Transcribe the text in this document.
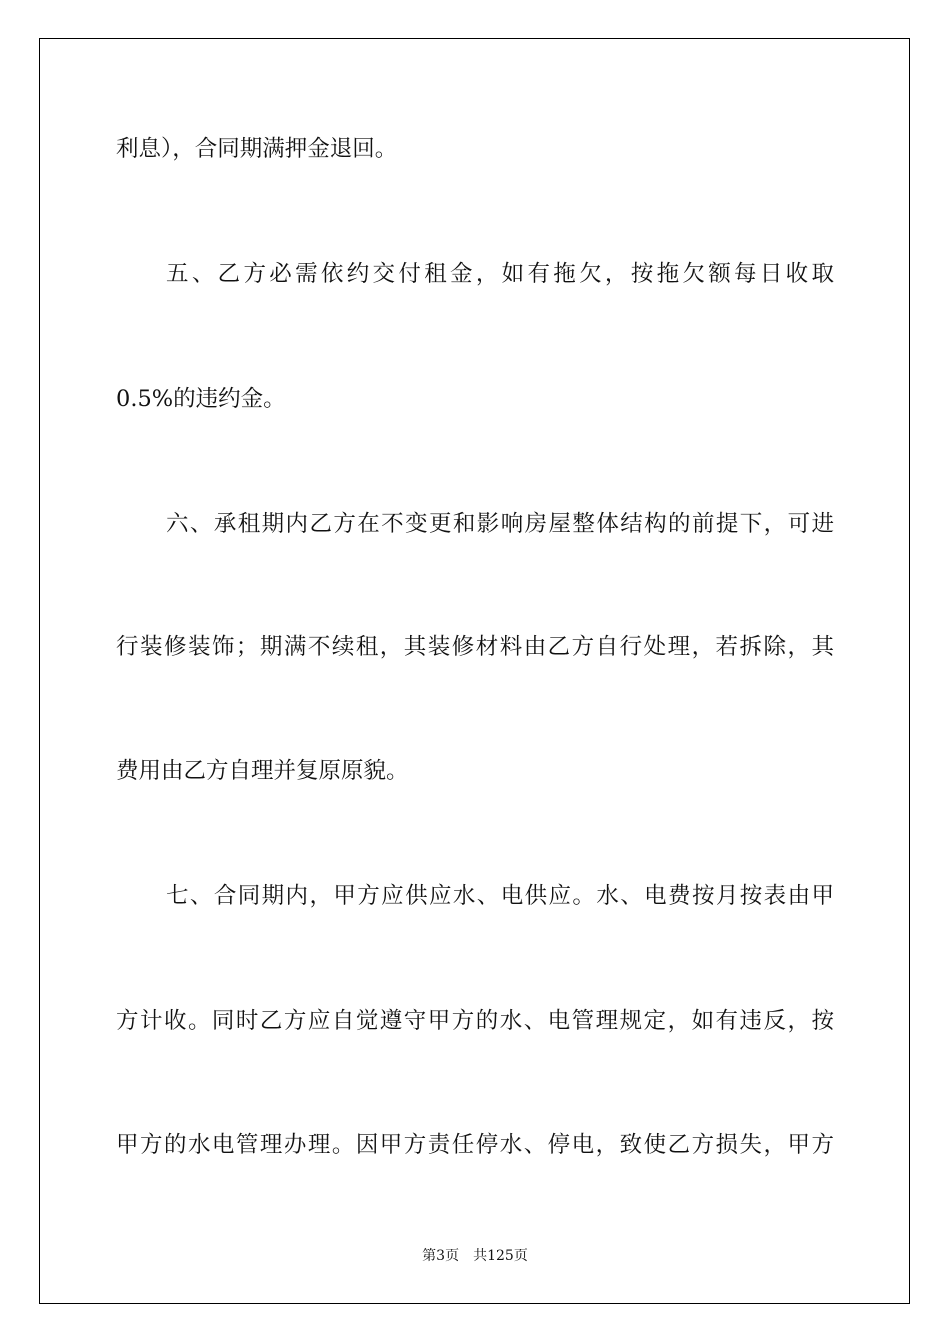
利息），合同期满押金退回。
五、乙方必需依约交付租金，如有拖欠，按拖欠额每日收取
0.5%的违约金。
六、承租期内乙方在不变更和影响房屋整体结构的前提下，可进
行装修装饰；期满不续租，其装修材料由乙方自行处理，若拆除，其
费用由乙方自理并复原原貌。
七、合同期内，甲方应供应水、电供应。水、电费按月按表由甲
方计收。同时乙方应自觉遵守甲方的水、电管理规定，如有违反，按
甲方的水电管理办理。因甲方责任停水、停电，致使乙方损失，甲方
第3页 共125页
